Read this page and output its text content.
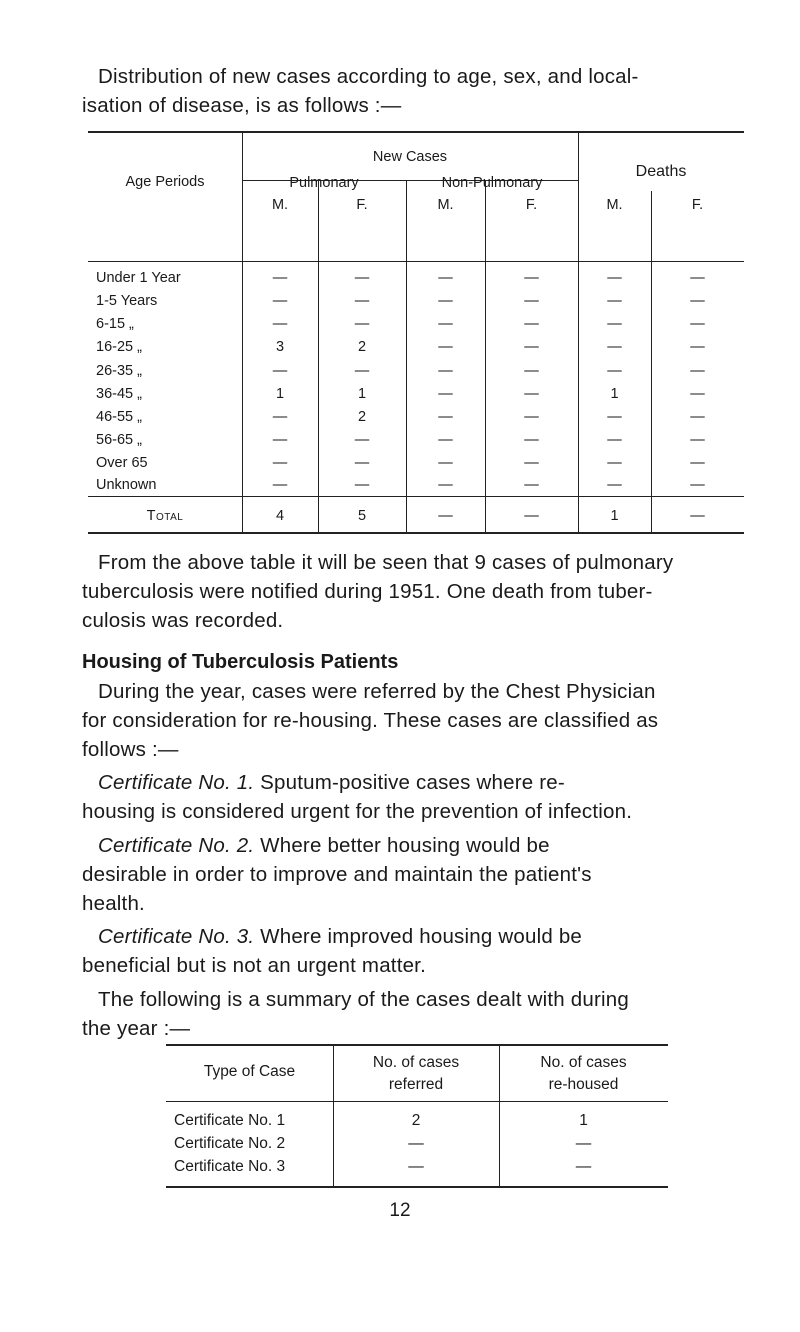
Distribution of new cases according to age, sex, and local-
isation of disease, is as follows :—
Age Periods
New Cases
Pulmonary	Non-Pulmonary
Deaths
M.	F.	M.	F.	M.	F.
Under 1 Year	—	—	—	—	—	—
1-5 Years	—	—	—	—	—	—
6-15 „	—	—	—	—	—	—
16-25 „	3	2	—	—	—	—
26-35 „	—	—	—	—	—	—
36-45 „	1	1	—	—	1	—
46-55 „	—	2	—	—	—	—
56-65 „	—	—	—	—	—	—
Over 65	—	—	—	—	—	—
Unknown	—	—	—	—	—	—
Total	4	5	—	—	1	—
From the above table it will be seen that 9 cases of pulmonary
tuberculosis were notified during 1951. One death from tuber-
culosis was recorded.
Housing of Tuberculosis Patients
During the year, cases were referred by the Chest Physician
for consideration for re-housing. These cases are classified as
follows :—
Certificate No. 1. Sputum-positive cases where re-
housing is considered urgent for the prevention of infection.
Certificate No. 2. Where better housing would be
desirable in order to improve and maintain the patient's
health.
Certificate No. 3. Where improved housing would be
beneficial but is not an urgent matter.
The following is a summary of the cases dealt with during
the year :—
Type of Case
No. of cases
referred
No. of cases
re-housed
Certificate No. 1	2	1
Certificate No. 2	—	—
Certificate No. 3	—	—
12
